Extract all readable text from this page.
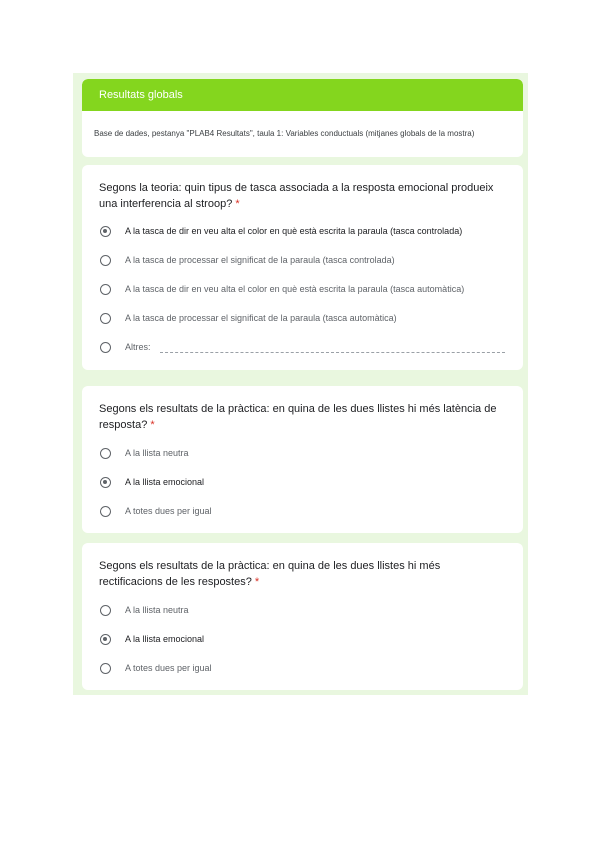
Resultats globals
Base de dades, pestanya "PLAB4 Resultats", taula 1: Variables conductuals (mitjanes globals de la mostra)
Segons la teoria: quin tipus de tasca associada a la resposta emocional produeix una interferencia al stroop? *
A la tasca de dir en veu alta el color en què està escrita la paraula (tasca controlada)
A la tasca de processar el significat de la paraula (tasca controlada)
A la tasca de dir en veu alta el color en què està escrita la paraula (tasca automàtica)
A la tasca de processar el significat de la paraula (tasca automàtica)
Altres:
Segons els resultats de la pràctica: en quina de les dues llistes hi més latència de resposta? *
A la llista neutra
A la llista emocional
A totes dues per igual
Segons els resultats de la pràctica: en quina de les dues llistes hi més rectificacions de les respostes? *
A la llista neutra
A la llista emocional
A totes dues per igual
